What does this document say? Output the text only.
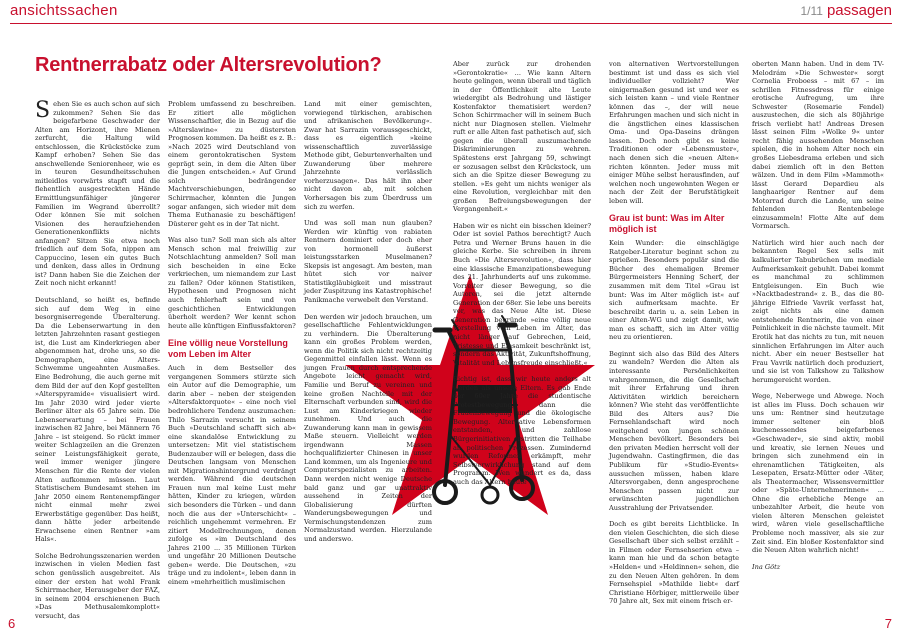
ansichtssachen	1/11 passagen
Rentnerrabatz oder Altersrevolution?

Sehen Sie es auch schon auf sich zukommen? Sehen Sie das beigefarbene Geschwader der Alten am Horizont, ihre Mienen zerfurcht, die Haltung wild entschlossen, die Krückstöcke zum Kampf erhoben? Sehen Sie das anschwellende Seniorenheer, wie es in teuren Gesundheitsschuhen mitleidlos vorwärts stapft und die flehentlich ausgestreckten Hände Ermittlungsunfähiger jüngerer Familien im Wegrand überrollt? Oder können Sie mit solchen Visionen des heraufziehenden Generationenkonflikts nichts anfangen? Sitzen Sie etwa noch friedlich auf dem Sofa, nippen am Cappuccino, lesen ein gutes Buch und denken, dass alles in Ordnung ist? Dann haben Sie die Zeichen der Zeit noch nicht erkannt!

Deutschland, so heißt es, befinde sich auf dem Weg in eine besorgniserregende Überalterung. Da die Lebenserwartung in den letzten Jahrzehnten rasant gestiegen ist, die Lust am Kinderkriegen aber abgenommen hat, drohe uns, so die Demographen, eine Alters-Schwemme ungeahnten Ausmaßes. Eine Bedrohung, die auch gerne mit dem Bild der auf den Kopf gestellten »Alterspyramide« visualisiert wird. Im Jahr 2030 wird jeder vierte Berliner älter als 65 Jahre sein. Die Lebenserwartung – bei Frauen inzwischen 82 Jahre, bei Männern 76 Jahre – ist steigend. So rückt immer weiter Schlagzeilen an die Grenzen seiner Leistungsfähigkeit gerate, weil immer weniger jüngere Menschen für die Rente der vielen Alten aufkommen müssen. Laut Statistischem Bundesamt stehen im Jahr 2050 einem Rentenempfänger nicht einmal mehr zwei Erwerbstätige gegenüber. Das heißt, dann hätte jeder arbeitende Erwachsene einen Rentner »am Hals«.

Solche Bedrohungsszenarien werden inzwischen in vielen Medien fast schon genüsslich ausgebreitet. Als einer der ersten hat wohl Frank Schirrmacher, Herausgeber der FAZ, in seinem 2004 erschienenen Buch »Das Methusalemkomplott« versucht, das

Problem umfassend zu beschreiben. Er zitiert alle möglichen Wissenschaftler, die in Bezug auf die »Alterslawine« zu düstersten Prognosen kommen. Da heißt es z. B.: »Nach 2025 wird Deutschland von einem gerontokratischen System geprägt sein, in dem die Alten über die Jungen entscheiden.« Auf Grund solch bedrängender Machtverschiebungen, so Schirrmacher, könnten die Jungen sogar anfangen, sich wieder mit dem Thema Euthanasie zu beschäftigen! Düsterer geht es in der Tat nicht.

Was also tun? Soll man sich als alter Mensch schon mal freiwillig zur Notschlachtung anmelden? Soll man sich bescheiden in eine Ecke verkriechen, um niemandem zur Last zu fallen? Oder können Statistiken, Hypothesen und Prognosen nicht auch fehlerhaft sein und von geschichtlichen Entwicklungen überholt werden? Wer kennt schon heute alle künftigen Einflussfaktoren?

Eine völlig neue Vorstellung vom Leben im Alter

Auch in dem Bestseller des vergangenen Sommers stürzte sich ein Autor auf die Demographie, um darin aber – neben der steigenden »Altersfaktorquote« – eine noch viel bedrohlichere Tendenz auszumachen: Thilo Sarrazin versucht in seinem Buch »Deutschland schafft sich ab« eine skandalöse Entwicklung zu untersetzen: Mit viel statistischem Budenzauber will er belegen, dass die Deutschen langsam von Menschen mit Migrationshintergrund verdrängt werden. Während die deutschen Frauen nun mal keine Lust mehr hätten, Kinder zu kriegen, würden sich besonders die Türken – und dann noch die aus der »Unterschicht« – reichlich ungehemmt vermehren. Er zitiert Modellrechnungen, denen zufolge es »im Deutschland des Jahres 2100 ... 35 Millionen Türken und ungefähr 20 Millionen Deutsche geben« werde. Die Deutschen, »zu träge und zu indolent«, leben dann in einem »mehrheitlich muslimischen

Land mit einer gemischten, vorwiegend türkischen, arabischen und afrikanischen Bevölkerung«. Zwar hat Sarrazin voraussgeschickt, dass es eigentlich »keine wissenschaftlich zuverlässige Methode gibt, Geburtenverhalten und Zuwanderung über mehrere Jahrzehnte verlässlich vorherzusagen«. Das hält ihn aber nicht davon ab, mit solchen Vorhersagen bis zum Überdruss um sich zu werfen.

Und was soll man nun glauben? Werden wir künftig von rabiaten Rentnern dominiert oder doch eher von hormonell äußerst leistungsstarken Muselmanen? Skepsis ist angesagt. Am besten, man hütet sich vor naiver Statistikgläubigkeit und misstraut jeder Zuspitzung ins Katastrophische! Panikmache verwebelt den Verstand.

Den werden wir jedoch brauchen, um gesellschaftliche Fehlentwicklungen zu verhindern. Die Überalterung kann ein großes Problem werden, wenn die Politik sich nicht rechtzeitig Gegenmittel einfallen lässt. Wenn es jungen Frauen durch entsprechende Angebote leicht gemacht wird, Familie und Beruf zu vereinen und keine großen Nachteile mit der Elternschaft verbunden sind, wird die Lust am Kinderkriegen wieder zunehmen. Und auch die Zuwanderung kann man in gewissem Maße steuern. Vielleicht werden irgendwann Massen hochqualifizierter Chinesen in unser Land kommen, um als Ingenieure und Computerspezialisten zu arbeiten. Dann werden nicht wenige Deutsche bald ganz und gar unattraktiv aussehend in Zeiten der Globalisierung dürften Wanderungsbewegungen und Vermischungstendenzen zum Normalzustand werden. Hierzulande und anderswo.

Aber zurück zur drohenden »Gerontokratie« ... Wie kann Altern heute gelingen, wenn überall und täglich in der Öffentlichkeit alte Leute wiedergibt als Bedrohung und lästiger Kostenfaktor thematisiert werden? Schon Schirrmacher will in seinem Buch nicht nur Diagnosen stellen. Vielmehr ruft er alle Alten fast pathetisch auf, sich gegen die überall auszumachende Diskriminierungen zu wehren. Spätestens erst Jahrgang 59, schwingt er sozusagen selbst den Krückstock, um sich an die Spitze dieser Bewegung zu stellen. »Es geht um nichts weniger als eine Revolution, vergleichbar mit den großen Befreiungsbewegungen der Vergangenheit.«

Haben wir es nicht ein bisschen kleiner? Oder ist soviel Pathos berechtigt? Auch Petra und Werner Bruns hauen in die gleiche Kerbe. Sie schreiben in ihrem Buch »Die Altersrevolution«, dass hier eine klassische Emanzipationsbewegung des 21. Jahrhunderts auf uns zukomme. Vorreiter dieser Bewegung, so die Autoren, sei die jetzt alternde Generation der 68er. Sie lebe uns bereits vor, was das Neue Alte ist. Diese Generation begründe »eine völlig neue Vorstellung vom Leben im Alter, das nicht länger auf Gebrechen, Leid, Tristesse und Einsamkeit beschränkt ist, sondern das Aktivität, Zukunftshoffnung, Vitalität und Lebensfreude einschließt.«

Richtig ist, dass wir heute anders alt werden als unsere Eltern. Es gab Ende der 60er Jahre die studentische Protestbewegung, dann die Frauenbewegung und die ökologische Bewegung. Alternative Lebensformen entstanden, und zahllose Bürgerinitiativen erstritten die Teilhabe an politischen Prozessen. Zumindernd wurden Reformen erkämpft, mehr Selbstverwirklichung stand auf dem Programm. Wen wundert es da, dass auch das Altern heute

von alternativen Wertvorstellungen bestimmt ist und dass es sich viel individueller vollzieht? Wer einigermaßen gesund ist und wer es sich leisten kann – und viele Rentner können das –, der will neue Erfahrungen machen und sich nicht in die ängstlichen eines klassischen Oma- und Opa-Daseins drängen lassen. Doch noch gibt es keine Traditionen oder »Lebensmuster«, nach denen sich die »neuen Alten« richten könnten. Jeder muss mit einiger Mühe selbst herausfinden, auf welchen noch ungewohnten Wegen er nach der Zeit der Berufstätigkeit leben will.

Grau ist bunt: Was im Alter möglich ist

Kein Wunder: die einschlägige Ratgeber-Literatur beginnt schon zu sprießen. Besonders populär sind die Bücher des ehemaligen Bremer Bürgermeisters Henning Scherf, der zusammen mit dem Titel »Grau ist bunt: Was im Alter möglich ist« auf sich aufmerksam machte. Er beschreibt darin u. a. sein Leben in einer Alten-WG und zeigt damit, wie man es schafft, sich im Alter völlig neu zu orientieren.

Beginnt sich also das Bild des Alters zu wandeln? Werden die Alten als interessante Persönlichkeiten wahrgenommen, die die Gesellschaft mit ihrer Erfahrung und ihren Aktivitäten wirklich bereichern können? Wie steht das veröffentlichte Bild des Alters aus? Die Fernsehlandschaft wird noch weitgehend von jungen schönen Menschen bevölkert. Besonders bei den privaten Medien herrscht voll der Jugendwahn. Castingfirmen, die das Publikum für »Studio-Events« aussuchen müssen, haben klare Altersvorgaben, denn angesprochene Menschen passen nicht zur erwünschten jugendlichen Ausstrahlung der Privatsender.

Doch es gibt bereits Lichtblicke. In den vielen Geschichten, die sich diese Gesellschaft über sich selbst erzählt – in Filmen oder Fernsehserien etwa – kann man hie und da schon betagte »Helden« und »Heldinnen« sehen, die zu den Neuen Alten gehören. In dem Fernsehspiel »Mathilde liebt« darf Christiane Hörbiger, mittlerweile über 70 Jahre alt, Sex mit einem frisch er-

oberten Mann haben. Und in dem TV-Melodrám »Die Schwester« sorgt Cornelia Froboess – mit 67 – im schrillen Fitnessdress für einige erotische Aufregung, um ihre Schwester (Rosemarie Fendel) auszustechen, die sich als 80jährige frisch verliebt hat! Andreas Dresen lässt seinen Film »Wolke 9« unter recht fähig aussehenden Menschen spielen, die in hohem Alter noch ein großes Liebesdrama erleben und sich dabei ziemlich oft in den Betten wälzen. Und in dem Film »Mammoth« lässt Gerard Depardieu als langhaariger Rentner auf dem Motorrad durch die Lande, um seine fehlenden Rentenbelege einzusammeln! Flotte Alte auf dem Vormarsch.

Natürlich wird hier auch nach der bekannten Regel Sex sells mit kalkulierter Tabubrüchen um mediale Aufmerksamkeit gebuhlt. Dabei kommt es manchmal zu schlimmen Entgleisungen. Ein Buch wie »Nacktbadestrand« z. B., das die 80-jährige Elfriede Vavrik verfasst hat, zeigt nichts als eine damen entstehende Rentnerin, die von einer Peinlichkeit in die nächste taumelt. Mit Erotik hat das nichts zu tun, mit neuen sinnlichen Erfahrungen im Alter auch nicht. Aber ein neuer Bestseller hat Frau Vavrik natürlich doch produziert, und sie ist von Talkshow zu Talkshow herumgereicht worden.

Wege, Neberwege und Abwege. Noch ist alles im Fluss. Doch schauen wir uns um: Rentner sind heutzutage immer seltener ein bloß kuchenessendes beigefarbenes »Geschwader«, sie sind aktiv, mobil und kreativ, sie lernen Neues und bringen sich zunehmend ein in ehrenamtlichen Tätigkeiten, als Lesepaten, Ersatz-Mütter oder -Väter, als Theatermacher, Wissensvermittler oder »Späte-Unternehmerinnen« ... Ohne die erhebliche Menge an unbezahlter Arbeit, die heute von vielen älteren Menschen geleistet wird, wären viele gesellschaftliche Probleme noch massiver, als sie zur Zeit sind. Ein bloßer Kostenfaktor sind die Neuen Alten wahrlich nicht!

Ina Götz

6	7
